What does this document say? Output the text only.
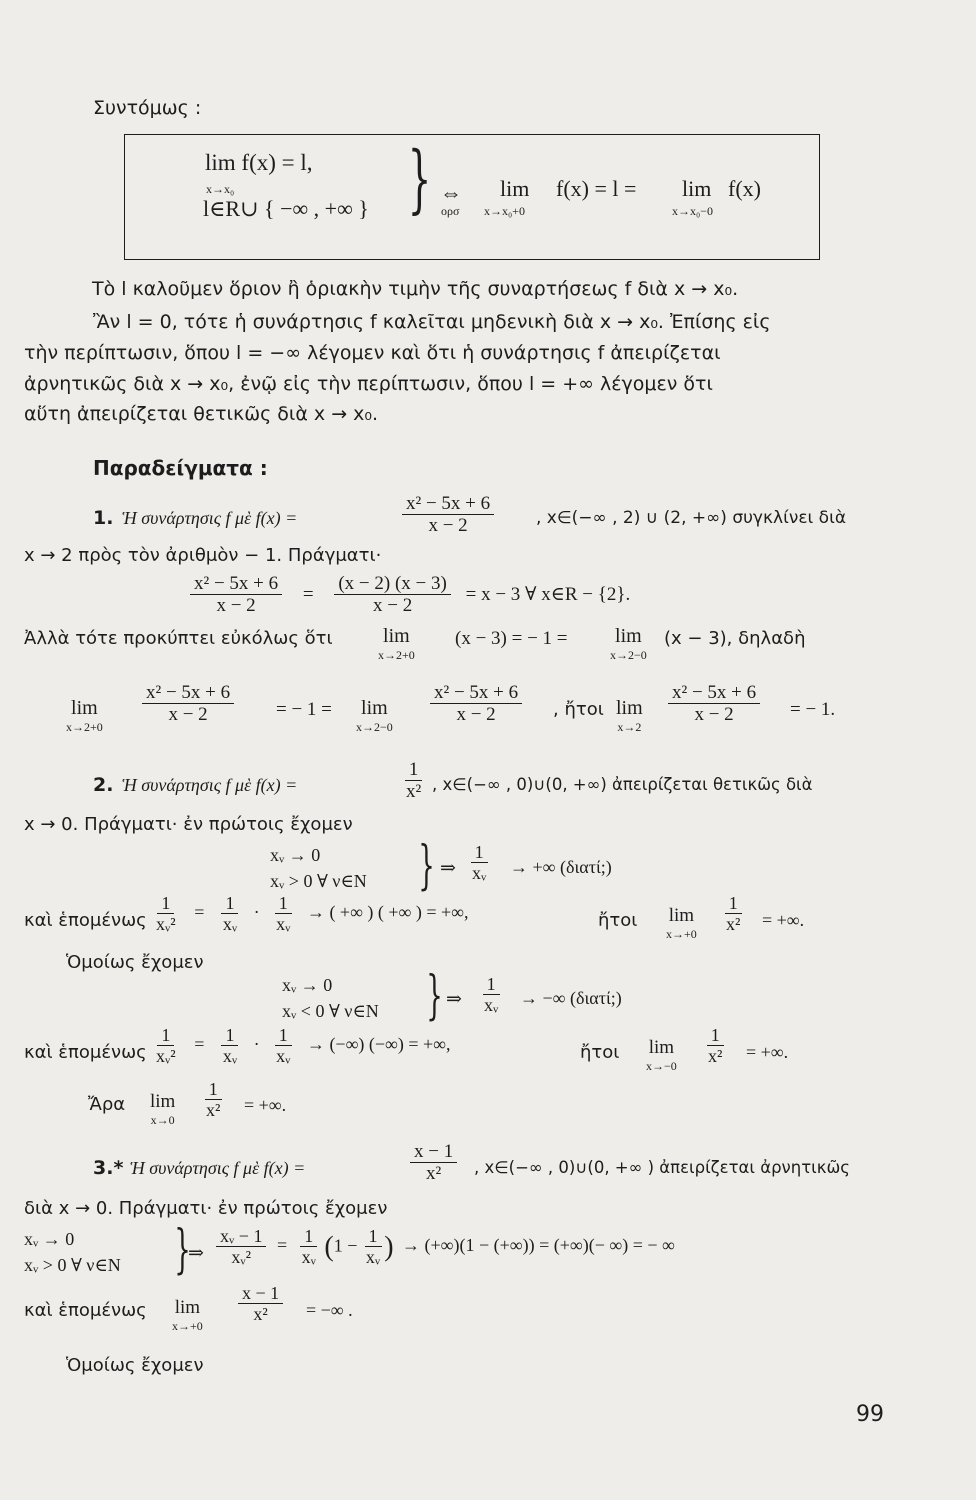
Συντόμως :
lim f(x) = l,
x→x₀
l∈R∪ { −∞ , +∞ } } ⇔ lim
ορσ x→x₀+0
f(x) = l = lim
x→x₀−0
f(x)
Τὸ l καλοῦμεν ὅριον ἢ ὁριακὴν τιμὴν τῆς συναρτήσεως f διὰ x → x₀.
Ἂν l = 0, τότε ἡ συνάρτησις f καλεῖται μηδενικὴ διὰ x → x₀. Ἐπίσης εἰς
τὴν περίπτωσιν, ὅπου l = −∞ λέγομεν καὶ ὅτι ἡ συνάρτησις f ἀπειρίζεται
ἀρνητικῶς διὰ x → x₀, ἐνῷ εἰς τὴν περίπτωσιν, ὅπου l = +∞ λέγομεν ὅτι
αὕτη ἀπειρίζεται θετικῶς διὰ x → x₀.
Παραδείγματα :
1. Ἡ συνάρτησις f μὲ f(x) =	$\frac{\text{x² − 5x + 6}}{x - 2}$ , x∈(−∞ , 2) ∪ (2, +∞) συγκλίνει διὰ
x → 2 πρὸς τὸν ἀριθμὸν − 1. Πράγματι·
$\frac{\text{x² − 5x + 6}}{x - 2} = \frac{(x - 2) (x - 3)}{x - 2} = x - 3$ ∀ x∈R − {2}.
Ἀλλὰ τότε προκύπτει εὐκόλως ὅτι	lim
x→2+0
(x − 3) = − 1 = lim
x→2−0
(x − 3), δηλαδὴ
lim
x→2+0
$\frac{\text{x² − 5x + 6}}{x - 2}$ = − 1 = lim
x→2−0
$\frac{\text{x² − 5x + 6}}{x - 2}$ , ἤτοι lim
x→2
$\frac{\text{x² − 5x + 6}}{x - 2}$ = − 1.
2. Ἡ συνάρτησις f μὲ f(x) =	$\frac{1}{\text{x²}}$ , x∈(−∞ , 0)∪(0, +∞) ἀπειρίζεται θετικῶς διὰ
x → 0. Πράγματι· ἐν πρώτοις ἔχομεν
xᵥ → 0
xᵥ > 0 ∀ ν∈N } ⇒ $\frac{1}{\text{xᵥ}}$ → +∞ (διατί;)
καὶ ἑπομένως $\frac{1}{\text{xᵥ²}} = \frac{1}{\text{xᵥ}} \cdot \frac{1}{\text{xᵥ}}$ → ( +∞ ) ( +∞ ) = +∞,	ἤτοι lim
$x\to+0 \frac{1}{\text{x²}}$ = +∞.
Ὁμοίως ἔχομεν
xᵥ → 0
xᵥ < 0 ∀ ν∈N } ⇒ $\frac{1}{\text{xᵥ}}$ → −∞ (διατί;)
καὶ ἑπομένως $\frac{1}{\text{xᵥ²}} = \frac{1}{\text{xᵥ}} \cdot \frac{1}{\text{xᵥ}}$ → (−∞) (−∞) = +∞,	ἤτοι lim
$x\to-0 \frac{1}{\text{x²}}$ = +∞.
Ἄρα lim
$x\to 0 \frac{1}{\text{x²}}$ = +∞.
3.* Ἡ συνάρτησις f μὲ f(x) =	$\frac{x - 1}{\text{x²}}$ , x∈(−∞ , 0)∪(0, +∞ ) ἀπειρίζεται ἀρνητικῶς
διὰ x → 0. Πράγματι· ἐν πρώτοις ἔχομεν
xᵥ → 0
xᵥ > 0 ∀ ν∈N }
⇒ $\frac{\text{xᵥ − 1}}{\text{xᵥ²}} = \frac{1}{\text{xᵥ}} (1 - \frac{1}{\text{xᵥ}}$ ) → (+∞)(1 − (+∞)) = (+∞)(− ∞) = − ∞
καὶ ἑπομένως lim
x→+0
$\frac{x - 1}{\text{x²}}$ = −∞ .
Ὁμοίως ἔχομεν
99
